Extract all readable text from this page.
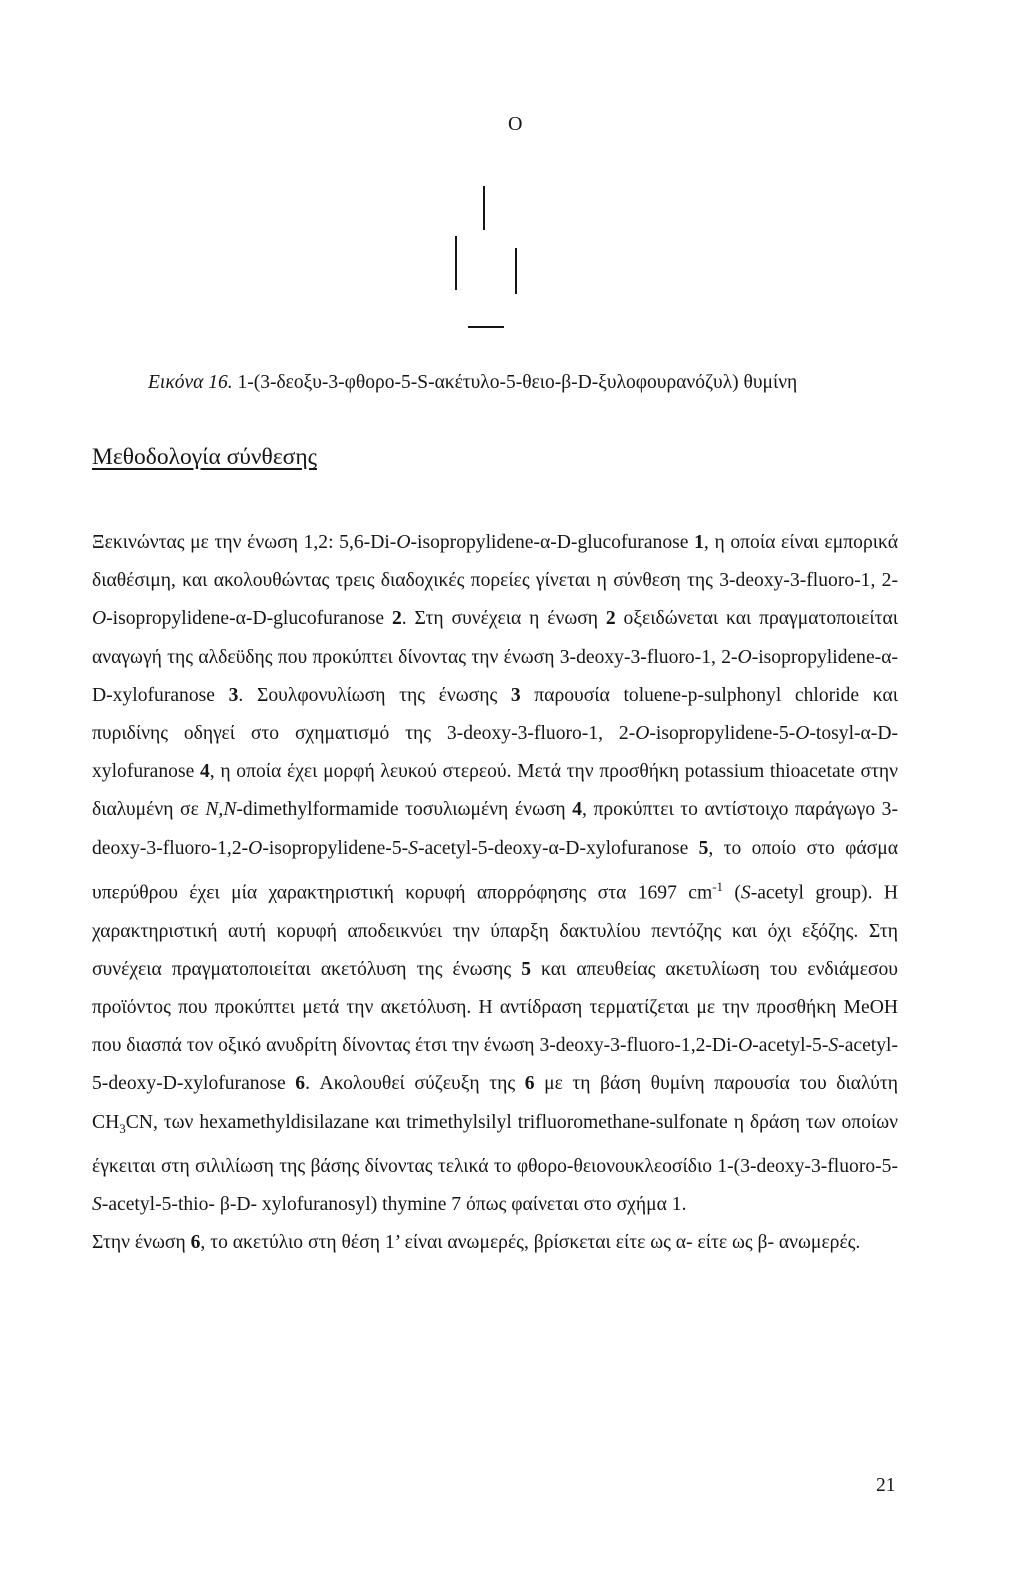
O
Εικόνα 16. 1-(3-δεοξυ-3-φθορο-5-S-ακέτυλο-5-θειο-β-D-ξυλοφουρανόζυλ) θυμίνη
Μεθοδολογία σύνθεσης

Ξεκινώντας με την ένωση 1,2: 5,6-Di-O-isopropylidene-α-D-glucofuranose 1, η οποία είναι εμπορικά διαθέσιμη, και ακολουθώντας τρεις διαδοχικές πορείες γίνεται η σύνθεση της 3-deoxy-3-fluoro-1, 2-O-isopropylidene-α-D-glucofuranose 2. Στη συνέχεια η ένωση 2 οξειδώνεται και πραγματοποιείται αναγωγή της αλδεϋδης που προκύπτει δίνοντας την ένωση 3-deoxy-3-fluoro-1, 2-O-isopropylidene-α-D-xylofuranose 3. Σουλφονυλίωση της ένωσης 3 παρουσία toluene-p-sulphonyl chloride και πυριδίνης οδηγεί στο σχηματισμό της 3-deoxy-3-fluoro-1, 2-O-isopropylidene-5-O-tosyl-α-D-xylofuranose 4, η οποία έχει μορφή λευκού στερεού. Μετά την προσθήκη potassium thioacetate στην διαλυμένη σε N,N-dimethylformamide τοσυλιωμένη ένωση 4, προκύπτει το αντίστοιχο παράγωγο 3-deoxy-3-fluoro-1,2-O-isopropylidene-5-S-acetyl-5-deoxy-α-D-xylofuranose 5, το οποίο στο φάσμα υπερύθρου έχει μία χαρακτηριστική κορυφή απορρόφησης στα 1697 $cm^{-1}$ (S-acetyl group). Η χαρακτηριστική αυτή κορυφή αποδεικνύει την ύπαρξη δακτυλίου πεντόζης και όχι εξόζης. Στη συνέχεια πραγματοποιείται ακετόλυση της ένωσης 5 και απευθείας ακετυλίωση του ενδιάμεσου προϊόντος που προκύπτει μετά την ακετόλυση. Η αντίδραση τερματίζεται με την προσθήκη MeOH που διασπά τον οξικό ανυδρίτη δίνοντας έτσι την ένωση 3-deoxy-3-fluoro-1,2-Di-O-acetyl-5-S-acetyl-5-deoxy-D-xylofuranose 6. Ακολουθεί σύζευξη της 6 με τη βάση θυμίνη παρουσία του διαλύτη $CH_3CN$, των hexamethyldisilazane και trimethylsilyl trifluoromethane-sulfonate η δράση των οποίων έγκειται στη σιλιλίωση της βάσης δίνοντας τελικά το φθορο-θειονουκλεοσίδιο 1-(3-deoxy-3-fluoro-5-S-acetyl-5-thio- β-D- xylofuranosyl) thymine 7 όπως φαίνεται στο σχήμα 1.

Στην ένωση 6, το ακετύλιο στη θέση 1’ είναι ανωμερές, βρίσκεται είτε ως α- είτε ως β- ανωμερές.

21
